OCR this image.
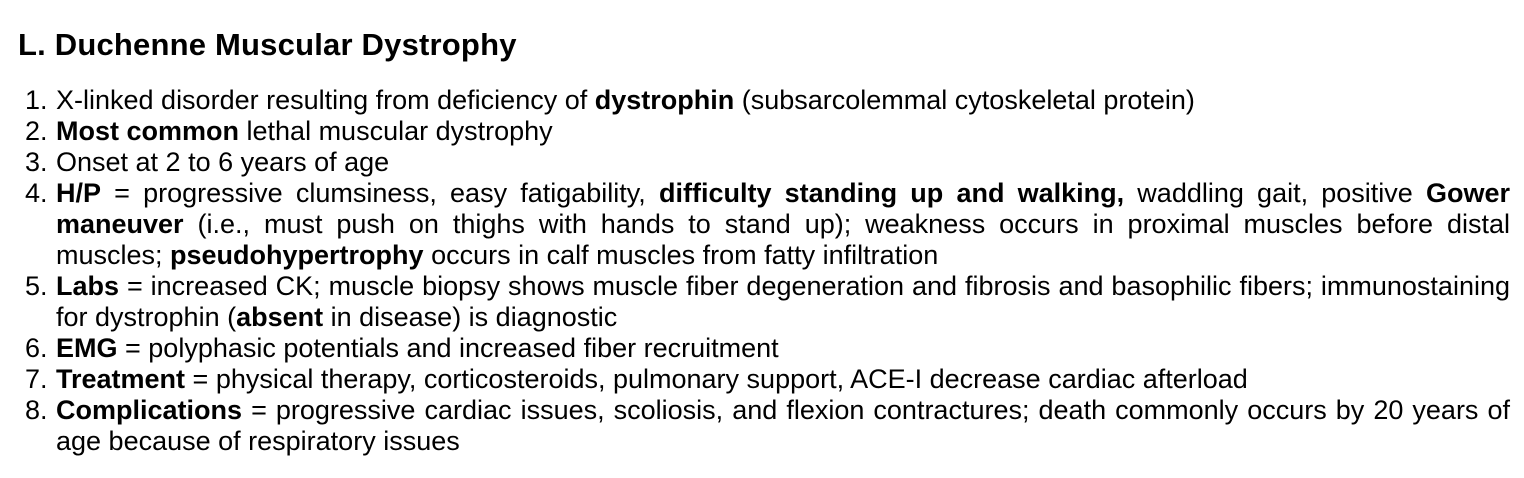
L. Duchenne Muscular Dystrophy
1. X-linked disorder resulting from deficiency of dystrophin (subsarcolemmal cytoskeletal protein)
2. Most common lethal muscular dystrophy
3. Onset at 2 to 6 years of age
4. H/P = progressive clumsiness, easy fatigability, difficulty standing up and walking, waddling gait, positive Gower maneuver (i.e., must push on thighs with hands to stand up); weakness occurs in proximal muscles before distal muscles; pseudohypertrophy occurs in calf muscles from fatty infiltration
5. Labs = increased CK; muscle biopsy shows muscle fiber degeneration and fibrosis and basophilic fibers; immunostaining for dystrophin (absent in disease) is diagnostic
6. EMG = polyphasic potentials and increased fiber recruitment
7. Treatment = physical therapy, corticosteroids, pulmonary support, ACE-I decrease cardiac afterload
8. Complications = progressive cardiac issues, scoliosis, and flexion contractures; death commonly occurs by 20 years of age because of respiratory issues
